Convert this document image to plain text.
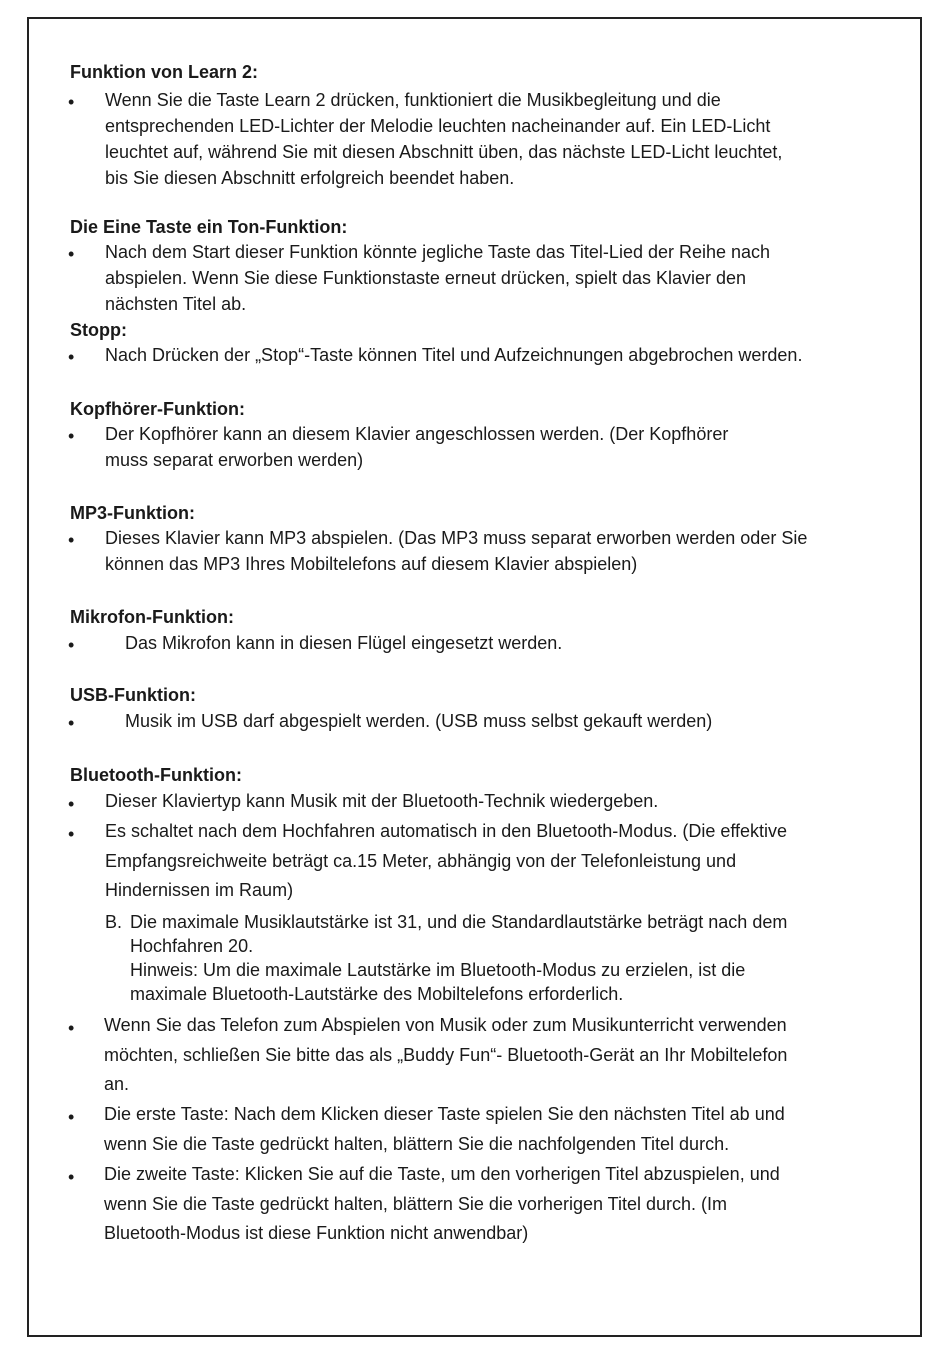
Funktion von Learn 2:
• Wenn Sie die Taste Learn 2 drücken, funktioniert die Musikbegleitung und die
entsprechenden LED-Lichter der Melodie leuchten nacheinander auf. Ein LED-Licht
leuchtet auf, während Sie mit diesen Abschnitt üben, das nächste LED-Licht leuchtet,
bis Sie diesen Abschnitt erfolgreich beendet haben.
Die Eine Taste ein Ton-Funktion:
• Nach dem Start dieser Funktion könnte jegliche Taste das Titel-Lied der Reihe nach
abspielen. Wenn Sie diese Funktionstaste erneut drücken, spielt das Klavier den
nächsten Titel ab.
Stopp:
• Nach Drücken der „Stop“-Taste können Titel und Aufzeichnungen abgebrochen werden.
Kopfhörer-Funktion:
• Der Kopfhörer kann an diesem Klavier angeschlossen werden. (Der Kopfhörer
muss separat erworben werden)
MP3-Funktion:
• Dieses Klavier kann MP3 abspielen. (Das MP3 muss separat erworben werden oder Sie
können das MP3 Ihres Mobiltelefons auf diesem Klavier abspielen)
Mikrofon-Funktion:
•	Das Mikrofon kann in diesen Flügel eingesetzt werden.
USB-Funktion:
•	Musik im USB darf abgespielt werden. (USB muss selbst gekauft werden)
Bluetooth-Funktion:
• Dieser Klaviertyp kann Musik mit der Bluetooth-Technik wiedergeben.
• Es schaltet nach dem Hochfahren automatisch in den Bluetooth-Modus. (Die effektive
Empfangsreichweite beträgt ca.15 Meter, abhängig von der Telefonleistung und
Hindernissen im Raum)
B. Die maximale Musiklautstärke ist 31, und die Standardlautstärke beträgt nach dem
Hochfahren 20.
Hinweis: Um die maximale Lautstärke im Bluetooth-Modus zu erzielen, ist die
maximale Bluetooth-Lautstärke des Mobiltelefons erforderlich.
• Wenn Sie das Telefon zum Abspielen von Musik oder zum Musikunterricht verwenden
möchten, schließen Sie bitte das als „Buddy Fun“- Bluetooth-Gerät an Ihr Mobiltelefon
an.
• Die erste Taste: Nach dem Klicken dieser Taste spielen Sie den nächsten Titel ab und
wenn Sie die Taste gedrückt halten, blättern Sie die nachfolgenden Titel durch.
• Die zweite Taste: Klicken Sie auf die Taste, um den vorherigen Titel abzuspielen, und
wenn Sie die Taste gedrückt halten, blättern Sie die vorherigen Titel durch. (Im
Bluetooth-Modus ist diese Funktion nicht anwendbar)
